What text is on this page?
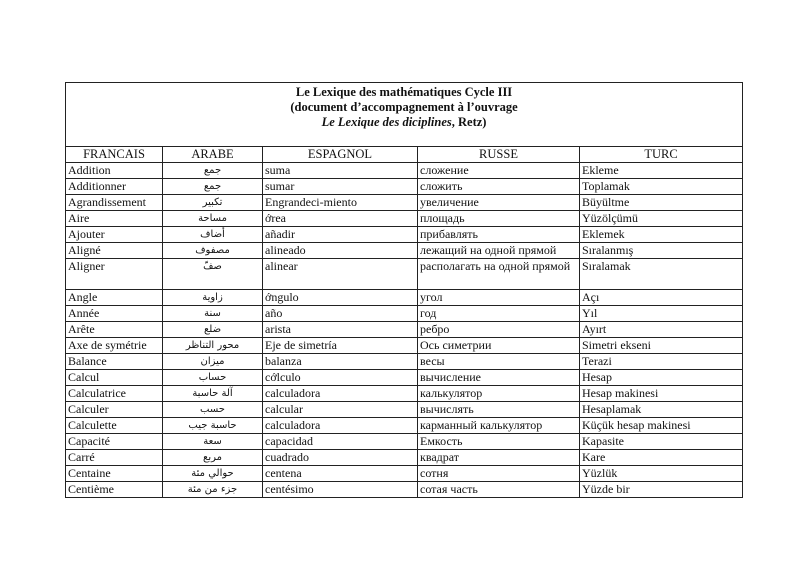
Le Lexique des mathématiques Cycle III
(document d’accompagnement à l’ouvrage
Le Lexique des diciplines, Retz)				

FRANCAIS	ARABE	ESPAGNOL	RUSSE	TURC
Addition	جمع	suma	сложение	Ekleme
Additionner	جمع	sumar	сложить	Toplamak
Agrandissement	تكبير	Engrandeci-miento	увеличение	Büyültme
Aire	مساحة	ớrea	площадь	Yüzölçümü
Ajouter	أضاف	añadir	прибавлять	Eklemek
Aligné	مصفوف	alineado	лежащий на одной прямой	Sıralanmış
Aligner	صفّ	alinear	располагать на одной прямой	Sıralamak
Angle	زاوية	ớngulo	угол	Açı
Année	سنة	año	год	Yıl
Arête	ضلع	arista	ребро	Ayırt
Axe de symétrie	محور التناظر	Eje de simetría	Ось симетрии	Simetri ekseni
Balance	ميزان	balanza	весы	Terazi
Calcul	حساب	cớlculo	вычисление	Hesap
Calculatrice	آلة حاسبة	calculadora	калькулятор	Hesap makinesi
Calculer	حسب	calcular	вычислять	Hesaplamak
Calculette	حاسبة جيب	calculadora	карманный калькулятор	Küçük hesap makinesi
Capacité	سعة	capacidad	Емкость	Kapasite
Carré	مربع	cuadrado	квадрат	Kare
Centaine	حوالي مئة	centena	сотня	Yüzlük
Centième	جزء من مئة	centésimo	сотая часть	Yüzde bir
